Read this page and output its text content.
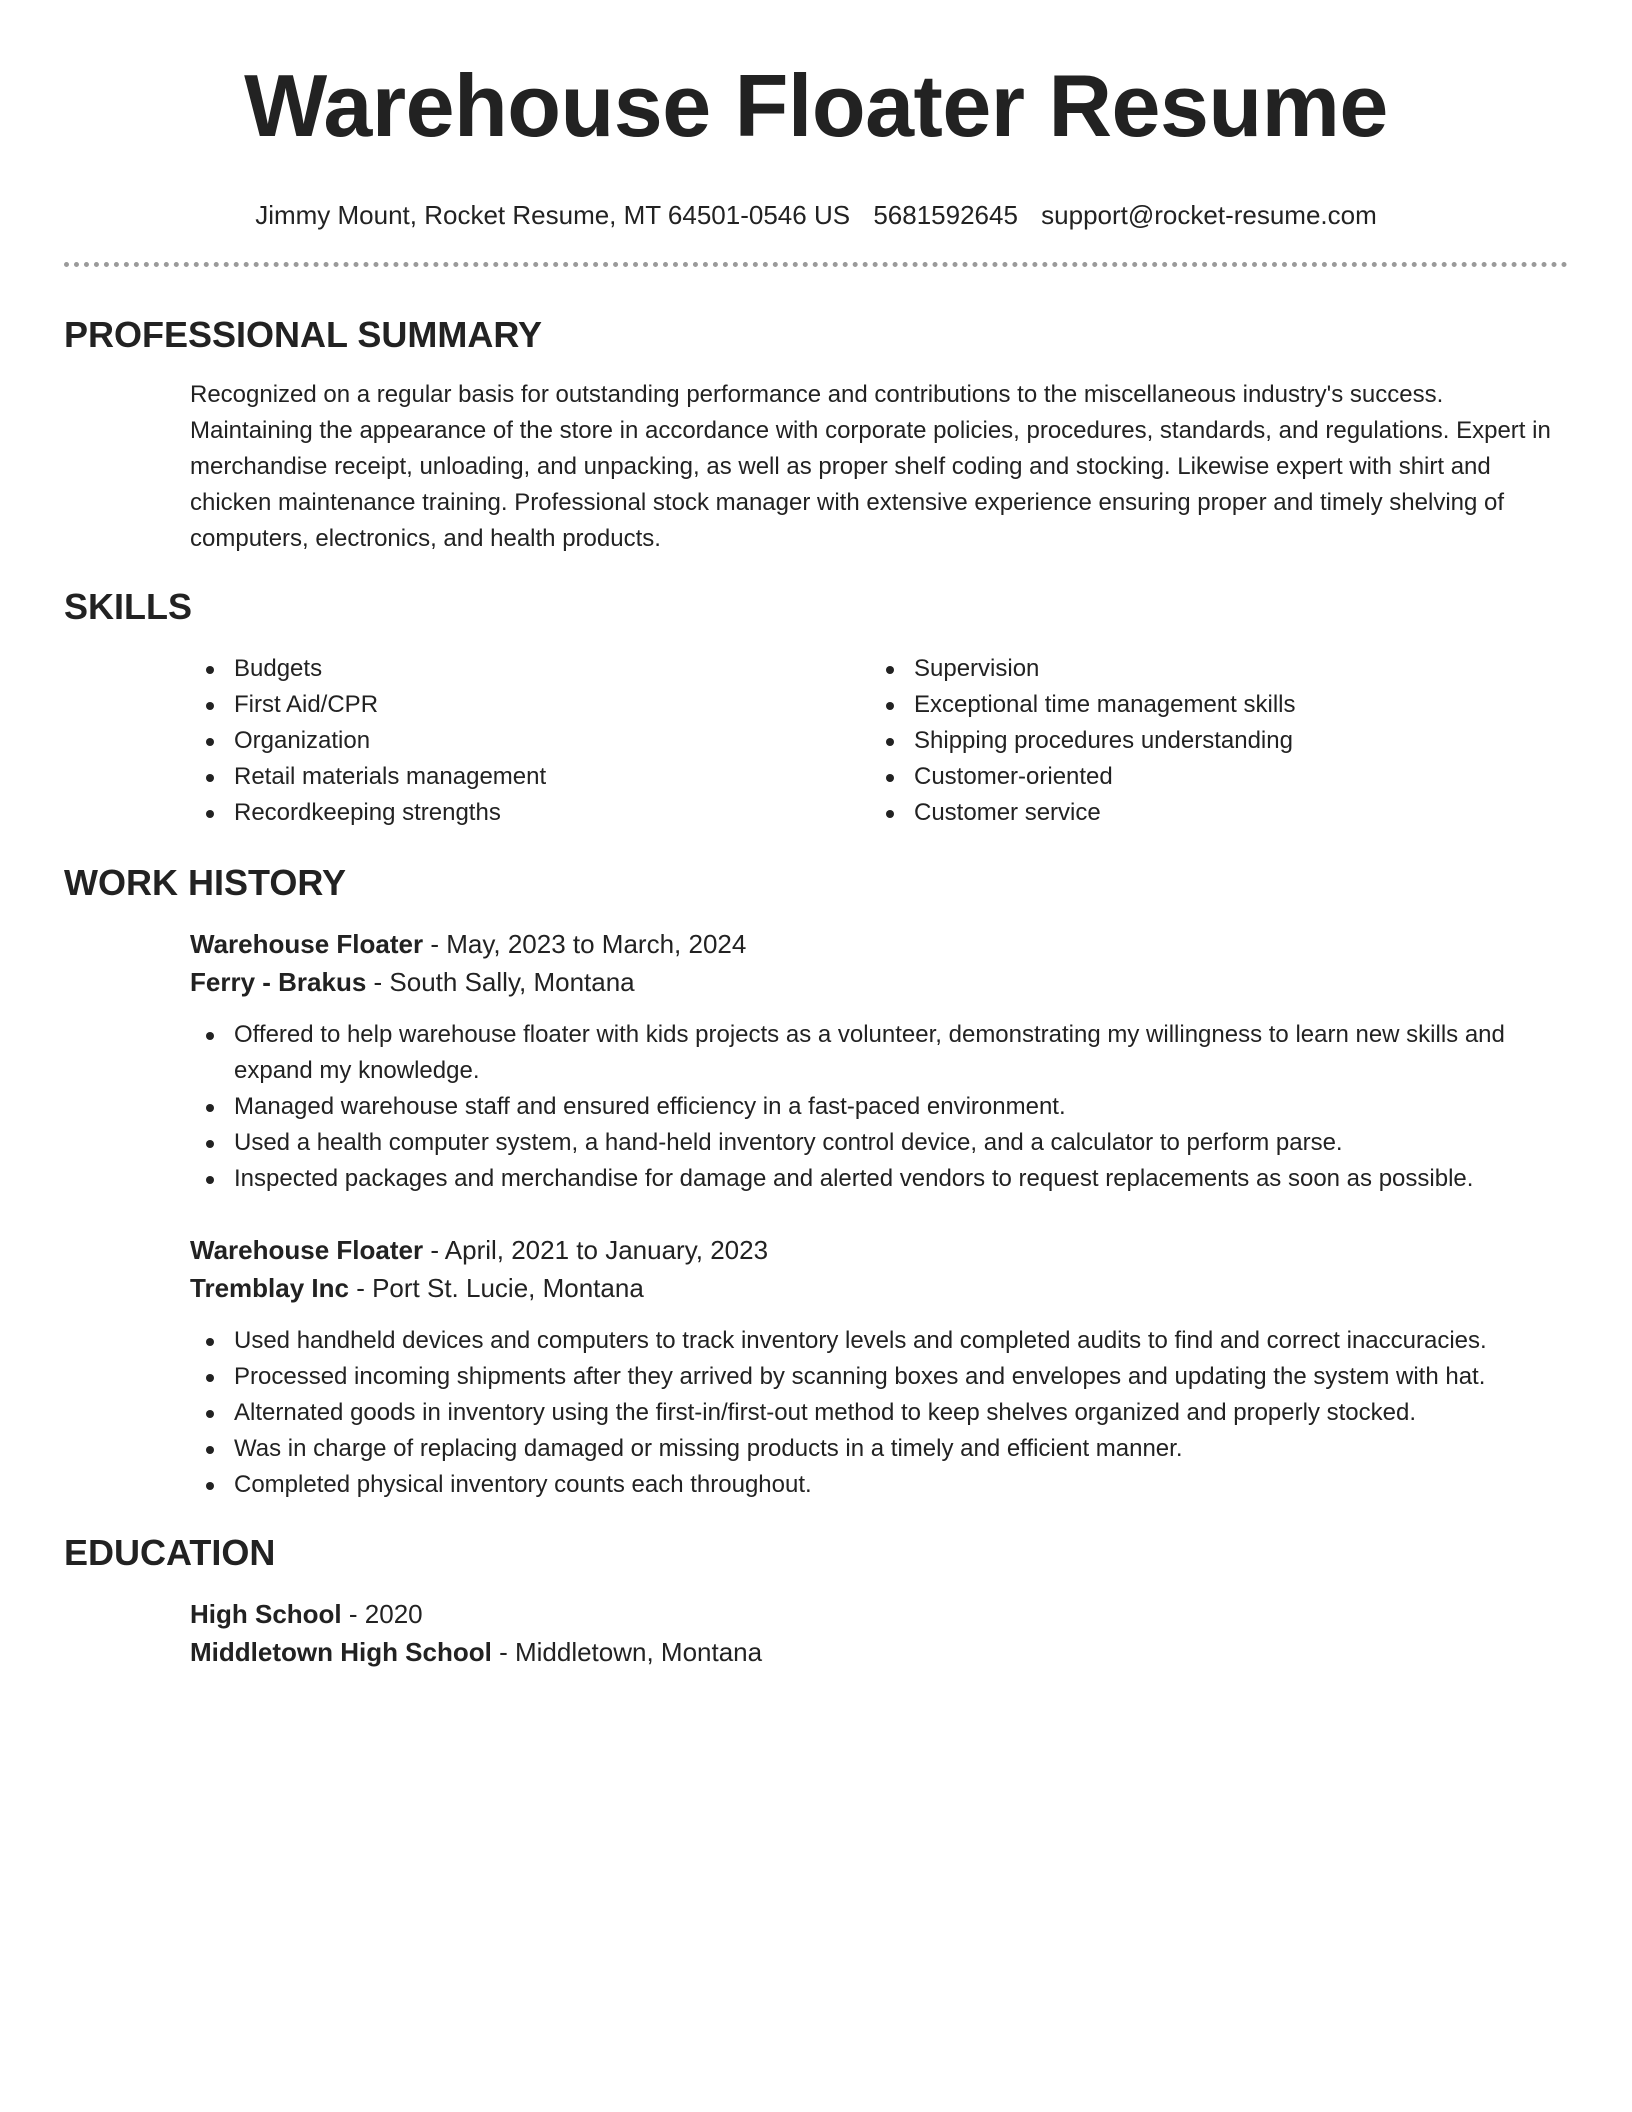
Warehouse Floater Resume
Jimmy Mount, Rocket Resume, MT 64501-0546 US 5681592645 support@rocket-resume.com
PROFESSIONAL SUMMARY
Recognized on a regular basis for outstanding performance and contributions to the miscellaneous industry's success. Maintaining the appearance of the store in accordance with corporate policies, procedures, standards, and regulations. Expert in merchandise receipt, unloading, and unpacking, as well as proper shelf coding and stocking. Likewise expert with shirt and chicken maintenance training. Professional stock manager with extensive experience ensuring proper and timely shelving of computers, electronics, and health products.
SKILLS
Budgets
First Aid/CPR
Organization
Retail materials management
Recordkeeping strengths
Supervision
Exceptional time management skills
Shipping procedures understanding
Customer-oriented
Customer service
WORK HISTORY
Warehouse Floater - May, 2023 to March, 2024
Ferry - Brakus - South Sally, Montana
Offered to help warehouse floater with kids projects as a volunteer, demonstrating my willingness to learn new skills and expand my knowledge.
Managed warehouse staff and ensured efficiency in a fast-paced environment.
Used a health computer system, a hand-held inventory control device, and a calculator to perform parse.
Inspected packages and merchandise for damage and alerted vendors to request replacements as soon as possible.
Warehouse Floater - April, 2021 to January, 2023
Tremblay Inc - Port St. Lucie, Montana
Used handheld devices and computers to track inventory levels and completed audits to find and correct inaccuracies.
Processed incoming shipments after they arrived by scanning boxes and envelopes and updating the system with hat.
Alternated goods in inventory using the first-in/first-out method to keep shelves organized and properly stocked.
Was in charge of replacing damaged or missing products in a timely and efficient manner.
Completed physical inventory counts each throughout.
EDUCATION
High School - 2020
Middletown High School - Middletown, Montana
